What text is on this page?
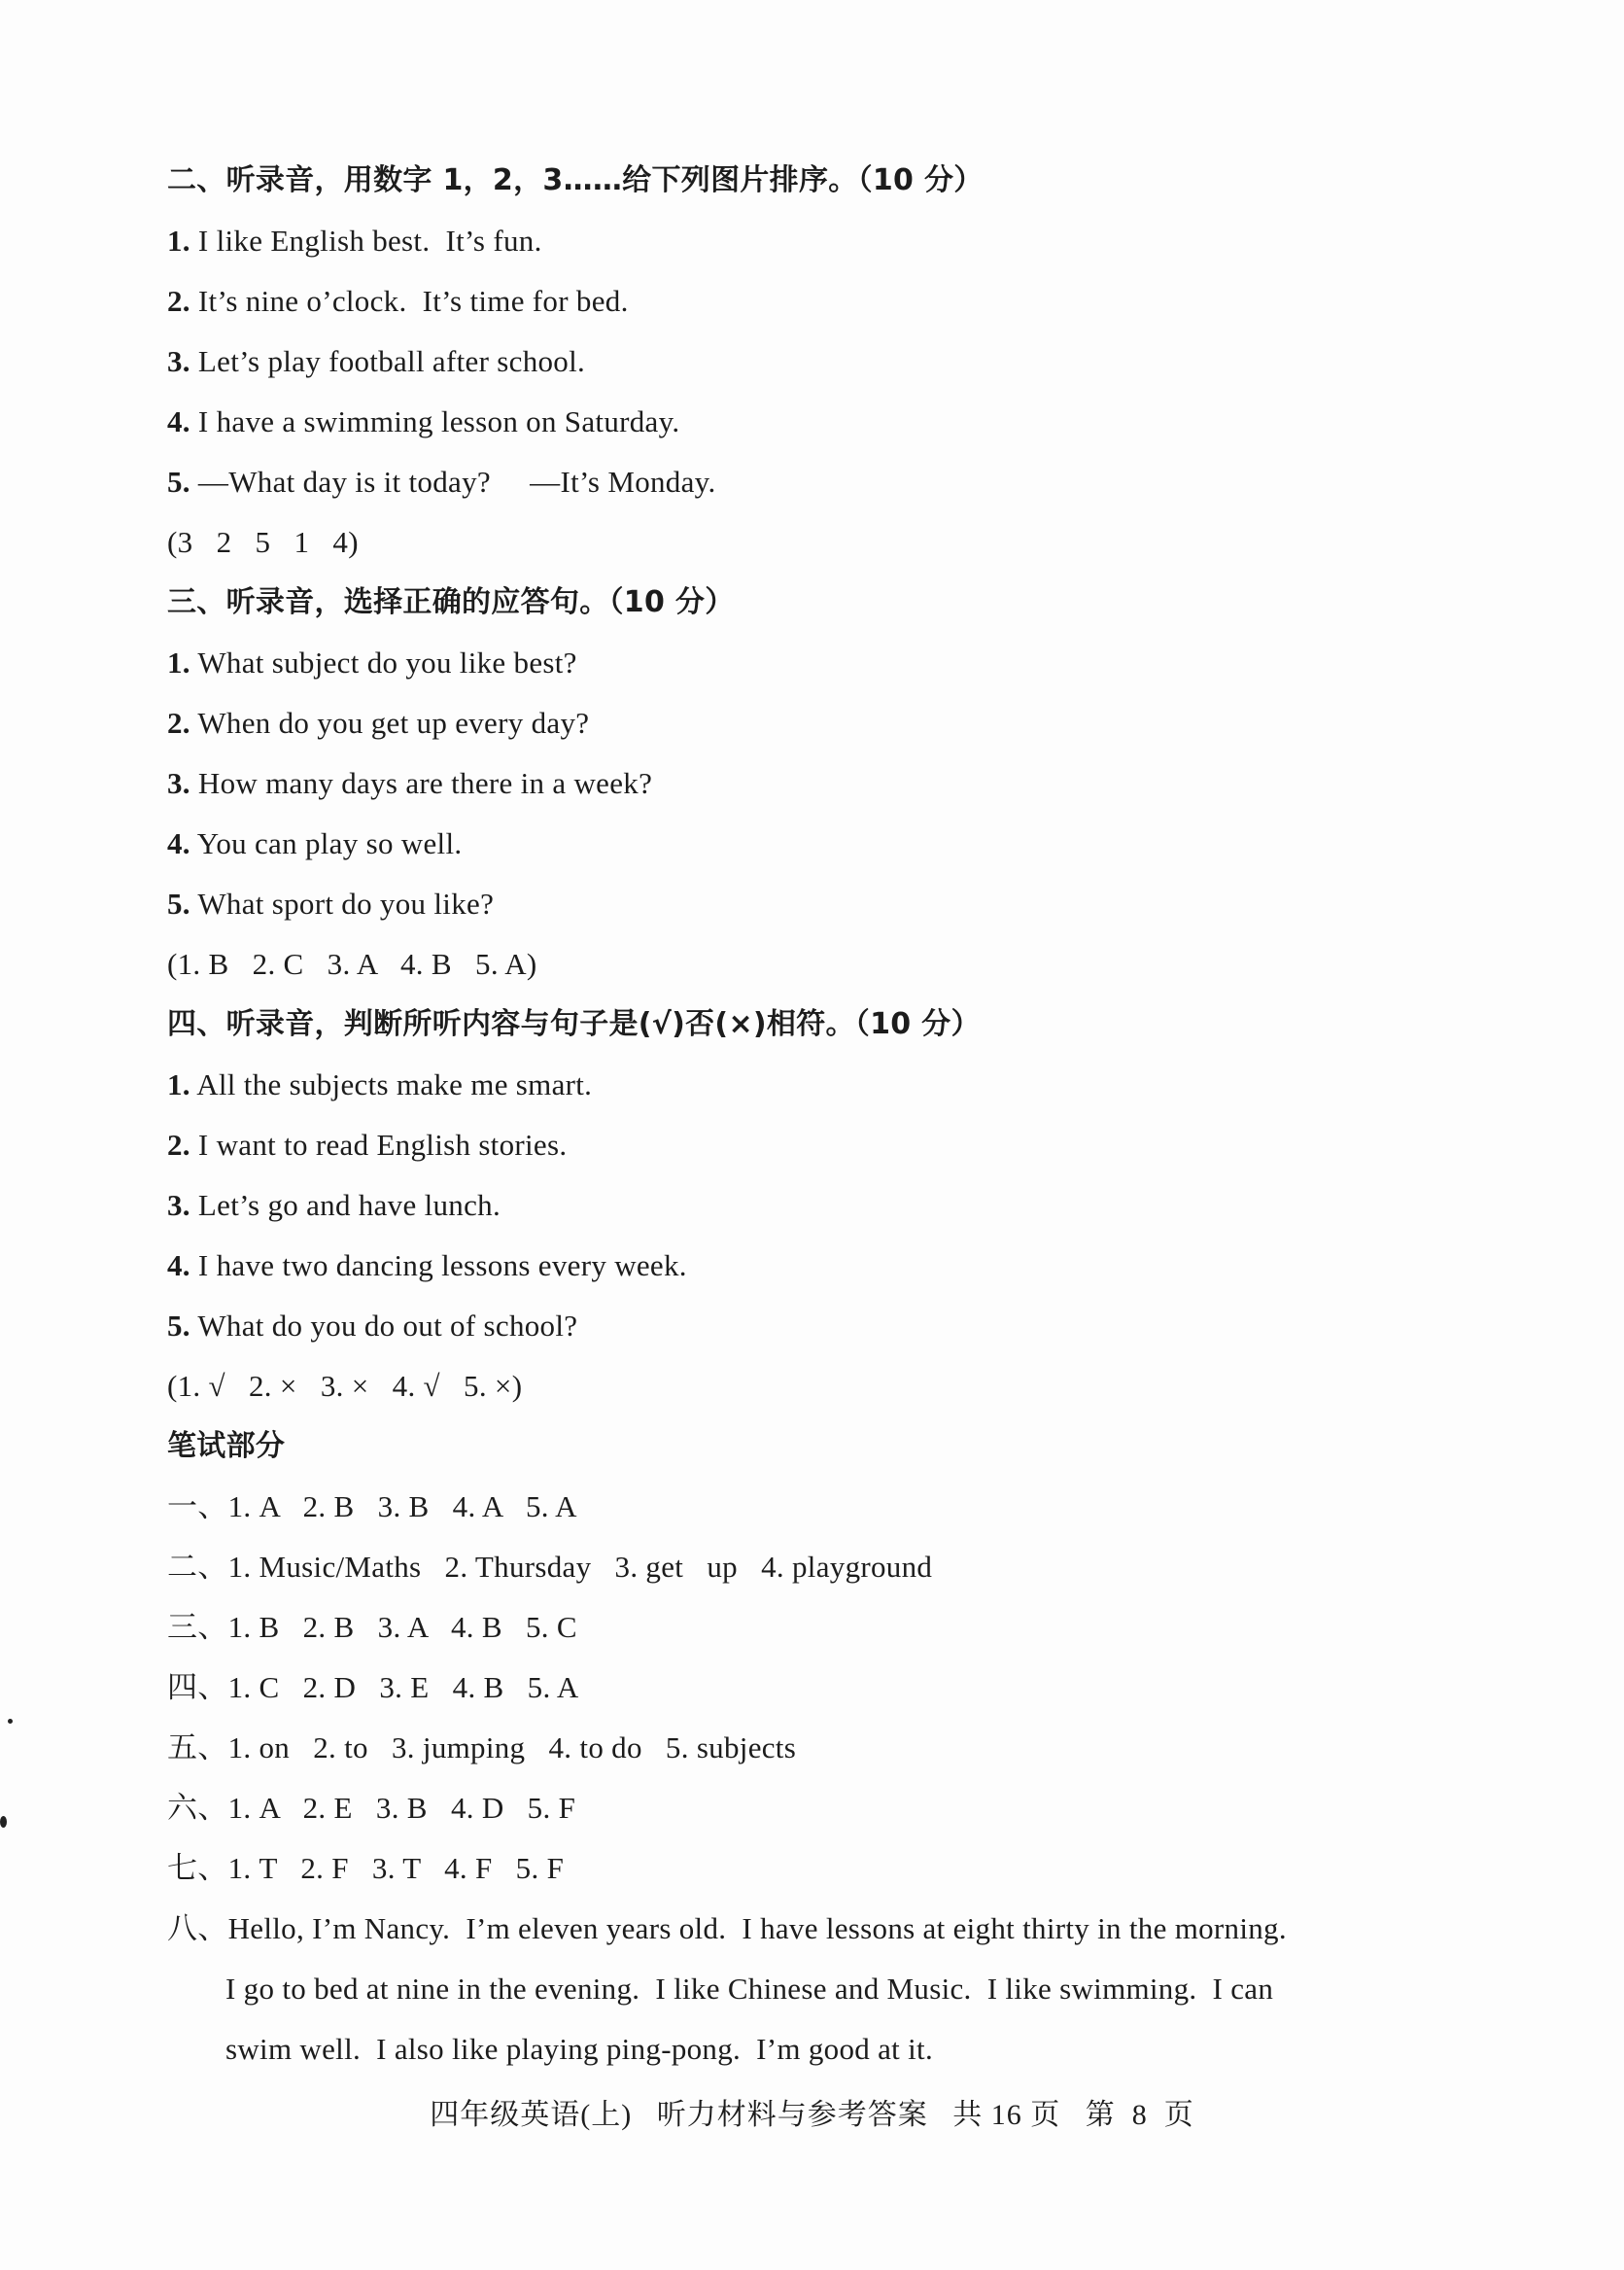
二、听录音，用数字 1，2，3……给下列图片排序。（10 分）
1. I like English best.  It’s fun.
2. It’s nine o’clock.  It’s time for bed.
3. Let’s play football after school.
4. I have a swimming lesson on Saturday.
5. —What day is it today?     —It’s Monday.
(3   2   5   1   4)
三、听录音，选择正确的应答句。（10 分）
1. What subject do you like best?
2. When do you get up every day?
3. How many days are there in a week?
4. You can play so well.
5. What sport do you like?
(1. B   2. C   3. A   4. B   5. A)
四、听录音，判断所听内容与句子是(√)否(×)相符。（10 分）
1. All the subjects make me smart.
2. I want to read English stories.
3. Let’s go and have lunch.
4. I have two dancing lessons every week.
5. What do you do out of school?
(1. √   2. ×   3. ×   4. √   5. ×)
笔试部分
一、1. A   2. B   3. B   4. A   5. A
二、1. Music/Maths   2. Thursday   3. get   up   4. playground
三、1. B   2. B   3. A   4. B   5. C
四、1. C   2. D   3. E   4. B   5. A
五、1. on   2. to   3. jumping   4. to do   5. subjects
六、1. A   2. E   3. B   4. D   5. F
七、1. T   2. F   3. T   4. F   5. F
八、Hello, I’m Nancy.  I’m eleven years old.  I have lessons at eight thirty in the morning.
I go to bed at nine in the evening.  I like Chinese and Music.  I like swimming.  I can
swim well.  I also like playing ping-pong.  I’m good at it.
四年级英语(上)   听力材料与参考答案   共 16 页   第  8  页
